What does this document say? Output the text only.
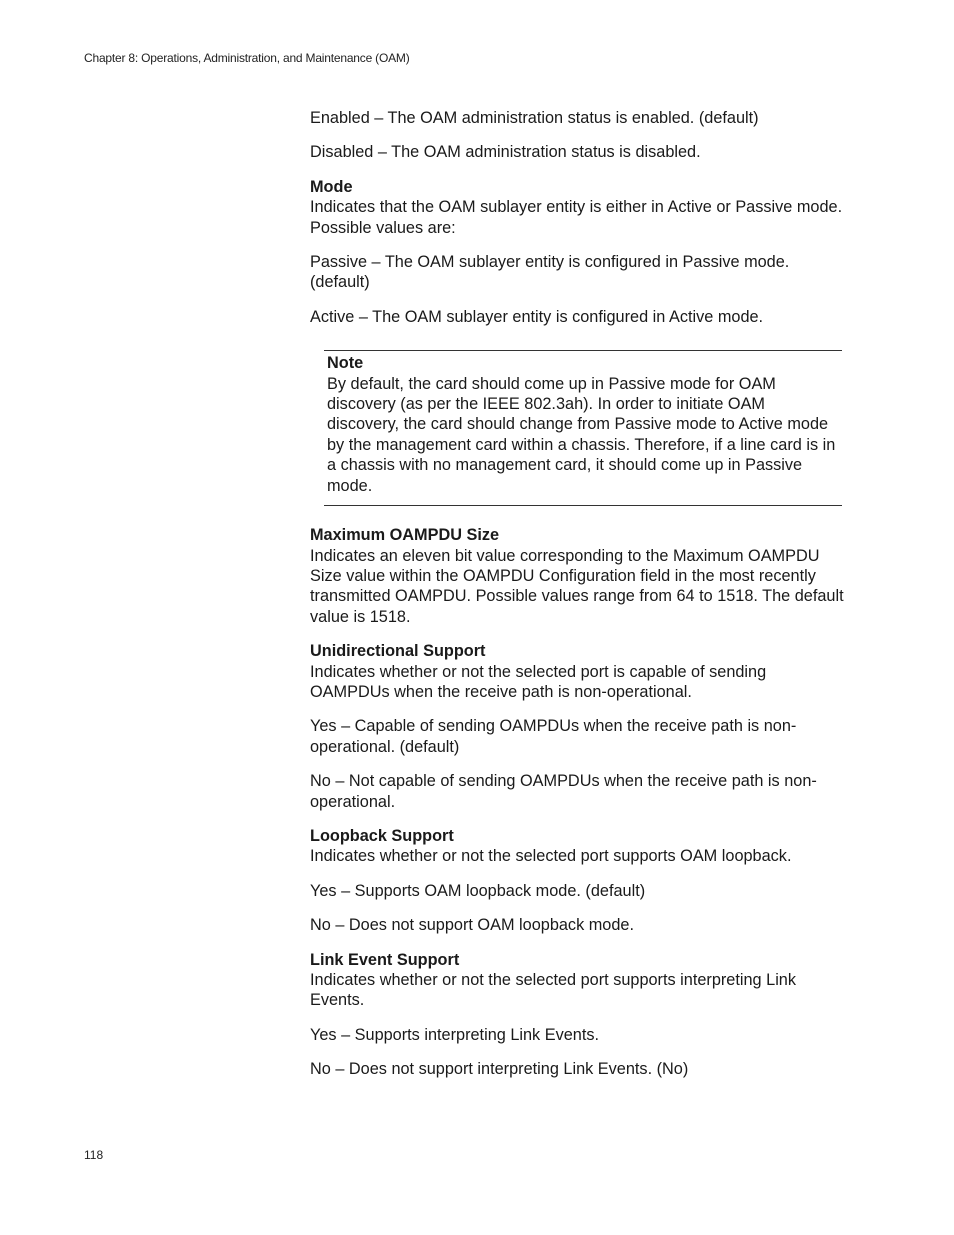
Chapter 8: Operations, Administration, and Maintenance (OAM)

Enabled – The OAM administration status is enabled. (default)

Disabled – The OAM administration status is disabled.

Mode

Indicates that the OAM sublayer entity is either in Active or Passive mode. Possible values are:

Passive – The OAM sublayer entity is configured in Passive mode. (default)

Active – The OAM sublayer entity is configured in Active mode.

Note

By default, the card should come up in Passive mode for OAM discovery (as per the IEEE 802.3ah). In order to initiate OAM discovery, the card should change from Passive mode to Active mode by the management card within a chassis. Therefore, if a line card is in a chassis with no management card, it should come up in Passive mode.

Maximum OAMPDU Size

Indicates an eleven bit value corresponding to the Maximum OAMPDU Size value within the OAMPDU Configuration field in the most recently transmitted OAMPDU. Possible values range from 64 to 1518. The default value is 1518.

Unidirectional Support

Indicates whether or not the selected port is capable of sending OAMPDUs when the receive path is non-operational.

Yes – Capable of sending OAMPDUs when the receive path is non-operational. (default)

No – Not capable of sending OAMPDUs when the receive path is non-operational.

Loopback Support

Indicates whether or not the selected port supports OAM loopback.

Yes – Supports OAM loopback mode. (default)

No – Does not support OAM loopback mode.

Link Event Support

Indicates whether or not the selected port supports interpreting Link Events.

Yes – Supports interpreting Link Events.

No – Does not support interpreting Link Events. (No)

118
